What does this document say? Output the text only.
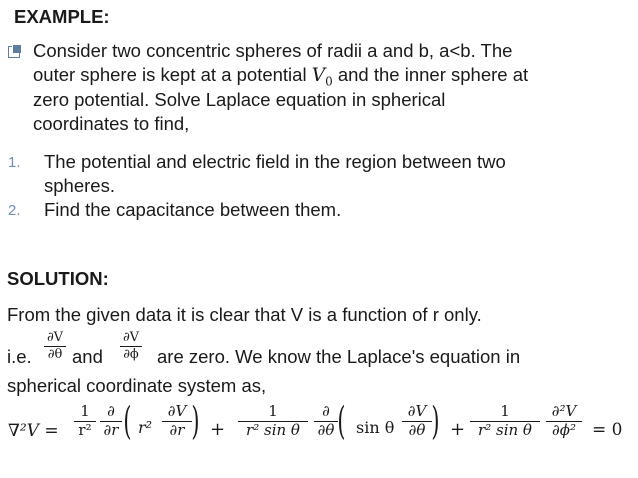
EXAMPLE:
Consider two concentric spheres of radii a and b, a<b. The
outer sphere is kept at a potential $V_0$ and the inner sphere at
zero potential. Solve Laplace equation in spherical
coordinates to find,
1. The potential and electric field in the region between two
spheres.
2. Find the capacitance between them.
SOLUTION:
From the given data it is clear that V is a function of r only.
i.e.
∂V
∂θ and
∂V
∂ϕ are zero. We know the Laplace's equation in
spherical coordinate system as,
∇²V =
1
r²
∂
∂r ( r²
∂V
∂r ) +
1
r² sin θ
∂
∂θ ( sin θ
∂V
∂θ ) +
1
r² sin θ
∂²V
∂ϕ² = 0
